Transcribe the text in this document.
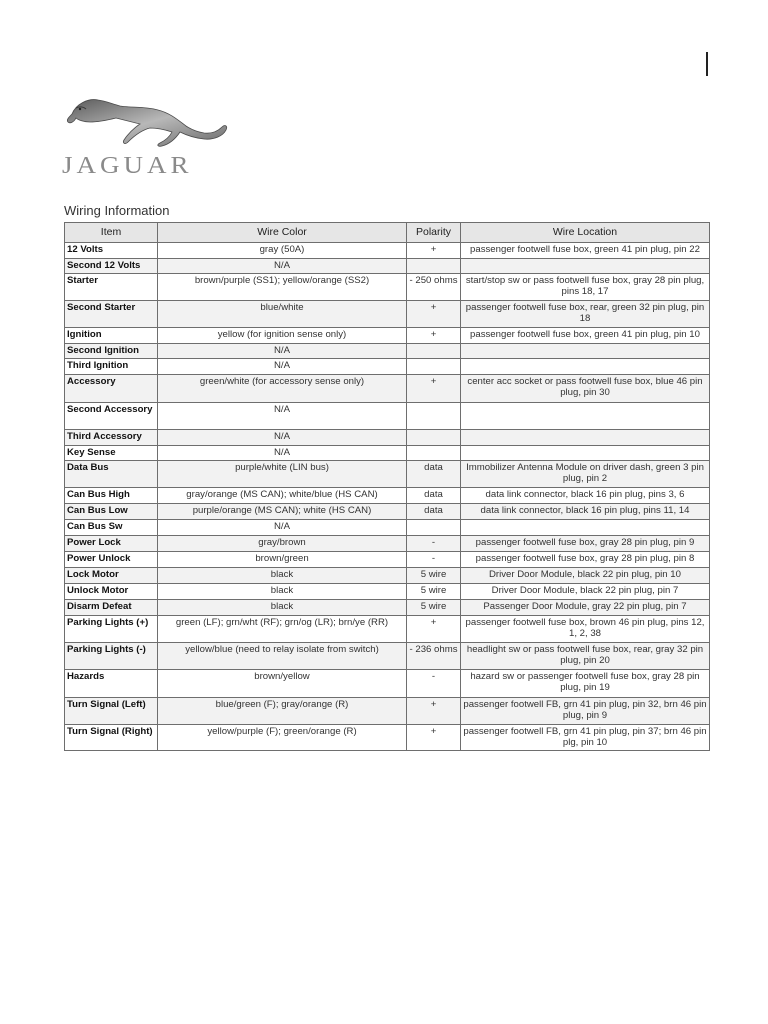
JAGUAR
Wiring Information
Item	Wire Color	Polarity	Wire Location
12 Volts	gray (50A)	+	passenger footwell fuse box, green 41 pin plug, pin 22
Second 12 Volts	N/A		
Starter	brown/purple (SS1); yellow/orange (SS2)	- 250 ohms	start/stop sw or pass footwell fuse box, gray 28 pin plug, pins 18, 17
Second Starter	blue/white	+	passenger footwell fuse box, rear, green 32 pin plug, pin 18
Ignition	yellow (for ignition sense only)	+	passenger footwell fuse box, green 41 pin plug, pin 10
Second Ignition	N/A		
Third Ignition	N/A		
Accessory	green/white (for accessory sense only)	+	center acc socket or pass footwell fuse box, blue 46 pin plug, pin 30
Second Accessory	N/A		
Third Accessory	N/A		
Key Sense	N/A		
Data Bus	purple/white (LIN bus)	data	Immobilizer Antenna Module on driver dash, green 3 pin plug, pin 2
Can Bus High	gray/orange (MS CAN); white/blue (HS CAN)	data	data link connector, black 16 pin plug, pins 3, 6
Can Bus Low	purple/orange (MS CAN); white (HS CAN)	data	data link connector, black 16 pin plug, pins 11, 14
Can Bus Sw	N/A		
Power Lock	gray/brown	-	passenger footwell fuse box, gray 28 pin plug, pin 9
Power Unlock	brown/green	-	passenger footwell fuse box, gray 28 pin plug, pin 8
Lock Motor	black	5 wire	Driver Door Module, black 22 pin plug, pin 10
Unlock Motor	black	5 wire	Driver Door Module, black 22 pin plug, pin 7
Disarm Defeat	black	5 wire	Passenger Door Module, gray 22 pin plug, pin 7
Parking Lights (+)	green (LF); grn/wht (RF); grn/og (LR); brn/ye (RR)	+	passenger footwell fuse box, brown 46 pin plug, pins 12, 1, 2, 38
Parking Lights (-)	yellow/blue (need to relay isolate from switch)	- 236 ohms	headlight sw or pass footwell fuse box, rear, gray 32 pin plug, pin 20
Hazards	brown/yellow	-	hazard sw or passenger footwell fuse box, gray 28 pin plug, pin 19
Turn Signal (Left)	blue/green (F); gray/orange (R)	+	passenger footwell FB, grn 41 pin plug, pin 32, brn 46 pin plug, pin 9
Turn Signal (Right)	yellow/purple (F); green/orange (R)	+	passenger footwell FB, grn 41 pin plug, pin 37; brn 46 pin plg, pin 10
